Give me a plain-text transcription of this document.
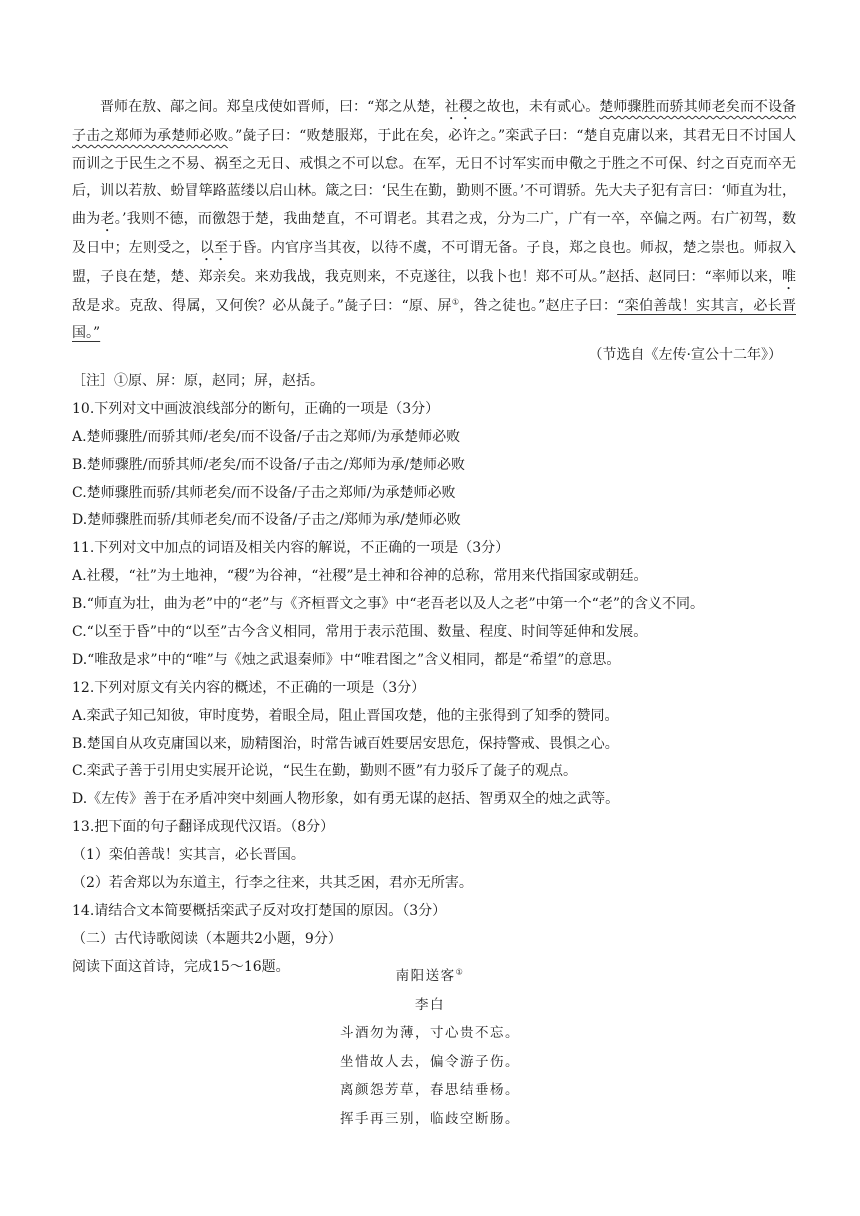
晋师在敖、鄗之间。郑皇戌使如晋师，曰：“郑之从楚，社稷之故也，未有贰心。楚师骤胜而骄其师老矣而不设备子击之郑师为承楚师必败。”彘子曰：“败楚服郑，于此在矣，必许之。”栾武子曰：“楚自克庸以来，其君无日不讨国人而训之于民生之不易、祸至之无日、戒惧之不可以怠。在军，无日不讨军实而申儆之于胜之不可保、纣之百克而卒无后，训以若敖、蚡冒筚路蓝缕以启山林。箴之曰：‘民生在勤，勤则不匮。’不可谓骄。先大夫子犯有言曰：‘师直为壮，曲为老。’我则不德，而徼怨于楚，我曲楚直，不可谓老。其君之戎，分为二广，广有一卒，卒偏之两。右广初驾，数及日中；左则受之，以至于昏。内官序当其夜，以待不虞，不可谓无备。子良，郑之良也。师叔，楚之崇也。师叔入盟，子良在楚，楚、郑亲矣。来劝我战，我克则来，不克遂往，以我卜也！郑不可从。”赵括、赵同曰：“率师以来，唯敌是求。克敌、得属，又何俟？必从彘子。”彘子曰：“原、屏①，咎之徒也。”赵庄子曰：“栾伯善哉！实其言，必长晋国。”

（节选自《左传·宣公十二年》）

［注］①原、屏：原，赵同；屏，赵括。

10.下列对文中画波浪线部分的断句，正确的一项是（3分）

A.楚师骤胜/而骄其师/老矣/而不设备/子击之郑师/为承楚师必败

B.楚师骤胜/而骄其师/老矣/而不设备/子击之/郑师为承/楚师必败

C.楚师骤胜而骄/其师老矣/而不设备/子击之郑师/为承楚师必败

D.楚师骤胜而骄/其师老矣/而不设备/子击之/郑师为承/楚师必败

11.下列对文中加点的词语及相关内容的解说，不正确的一项是（3分）

A.社稷，“社”为土地神，“稷”为谷神，“社稷”是土神和谷神的总称，常用来代指国家或朝廷。

B.“师直为壮，曲为老”中的“老”与《齐桓晋文之事》中“老吾老以及人之老”中第一个“老”的含义不同。

C.“以至于昏”中的“以至”古今含义相同，常用于表示范围、数量、程度、时间等延伸和发展。

D.“唯敌是求”中的“唯”与《烛之武退秦师》中“唯君图之”含义相同，都是“希望”的意思。

12.下列对原文有关内容的概述，不正确的一项是（3分）

A.栾武子知己知彼，审时度势，着眼全局，阻止晋国攻楚，他的主张得到了知季的赞同。

B.楚国自从攻克庸国以来，励精图治，时常告诫百姓要居安思危，保持警戒、畏惧之心。

C.栾武子善于引用史实展开论说，“民生在勤，勤则不匮”有力驳斥了彘子的观点。

D.《左传》善于在矛盾冲突中刻画人物形象，如有勇无谋的赵括、智勇双全的烛之武等。

13.把下面的句子翻译成现代汉语。（8分）

（1）栾伯善哉！实其言，必长晋国。

（2）若舍郑以为东道主，行李之往来，共其乏困，君亦无所害。

14.请结合文本简要概括栾武子反对攻打楚国的原因。（3分）

（二）古代诗歌阅读（本题共2小题，9分）

阅读下面这首诗，完成15～16题。

南阳送客①

李白

斗酒勿为薄，寸心贵不忘。

坐惜故人去，偏令游子伤。

离颜怨芳草，春思结垂杨。

挥手再三别，临歧空断肠。
